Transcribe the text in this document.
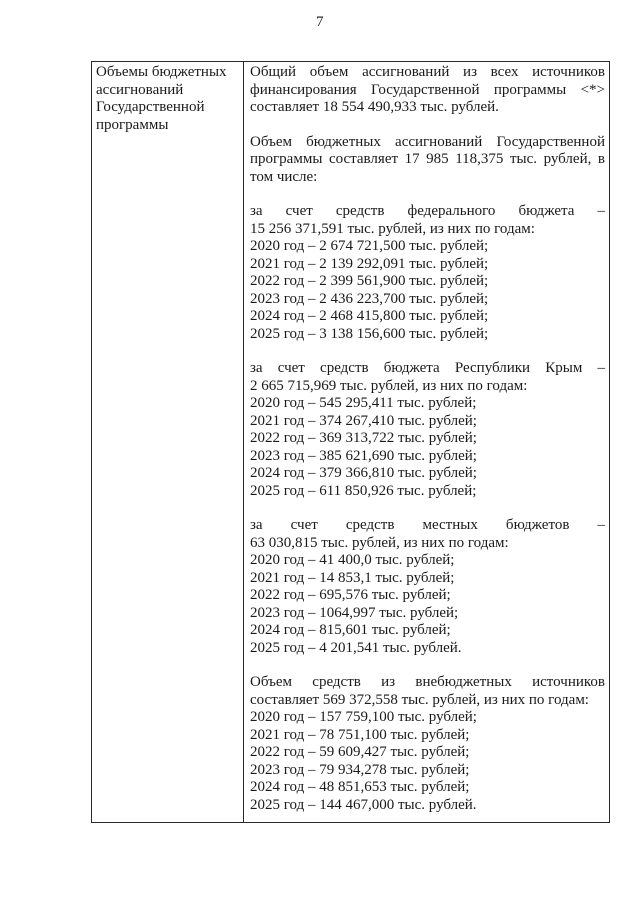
7
Объемы бюджетных ассигнований Государственной программы
Общий объем ассигнований из всех источников финансирования Государственной программы <*> составляет 18 554 490,933 тыс. рублей.
Объем бюджетных ассигнований Государственной программы составляет 17 985 118,375 тыс. рублей, в том числе:
за счет средств федерального бюджета –
15 256 371,591 тыс. рублей, из них по годам:
2020 год – 2 674 721,500 тыс. рублей;
2021 год – 2 139 292,091 тыс. рублей;
2022 год – 2 399 561,900 тыс. рублей;
2023 год – 2 436 223,700 тыс. рублей;
2024 год – 2 468 415,800 тыс. рублей;
2025 год – 3 138 156,600 тыс. рублей;
за счет средств бюджета Республики Крым –
2 665 715,969 тыс. рублей, из них по годам:
2020 год – 545 295,411 тыс. рублей;
2021 год – 374 267,410 тыс. рублей;
2022 год – 369 313,722 тыс. рублей;
2023 год – 385 621,690 тыс. рублей;
2024 год – 379 366,810 тыс. рублей;
2025 год – 611 850,926 тыс. рублей;
за счет средств местных бюджетов –
63 030,815 тыс. рублей, из них по годам:
2020 год – 41 400,0 тыс. рублей;
2021 год – 14 853,1 тыс. рублей;
2022 год – 695,576 тыс. рублей;
2023 год – 1064,997 тыс. рублей;
2024 год – 815,601 тыс. рублей;
2025 год – 4 201,541 тыс. рублей.
Объем средств из внебюджетных источников
составляет 569 372,558 тыс. рублей, из них по годам:
2020 год – 157 759,100 тыс. рублей;
2021 год – 78 751,100 тыс. рублей;
2022 год – 59 609,427 тыс. рублей;
2023 год – 79 934,278 тыс. рублей;
2024 год – 48 851,653 тыс. рублей;
2025 год – 144 467,000 тыс. рублей.
